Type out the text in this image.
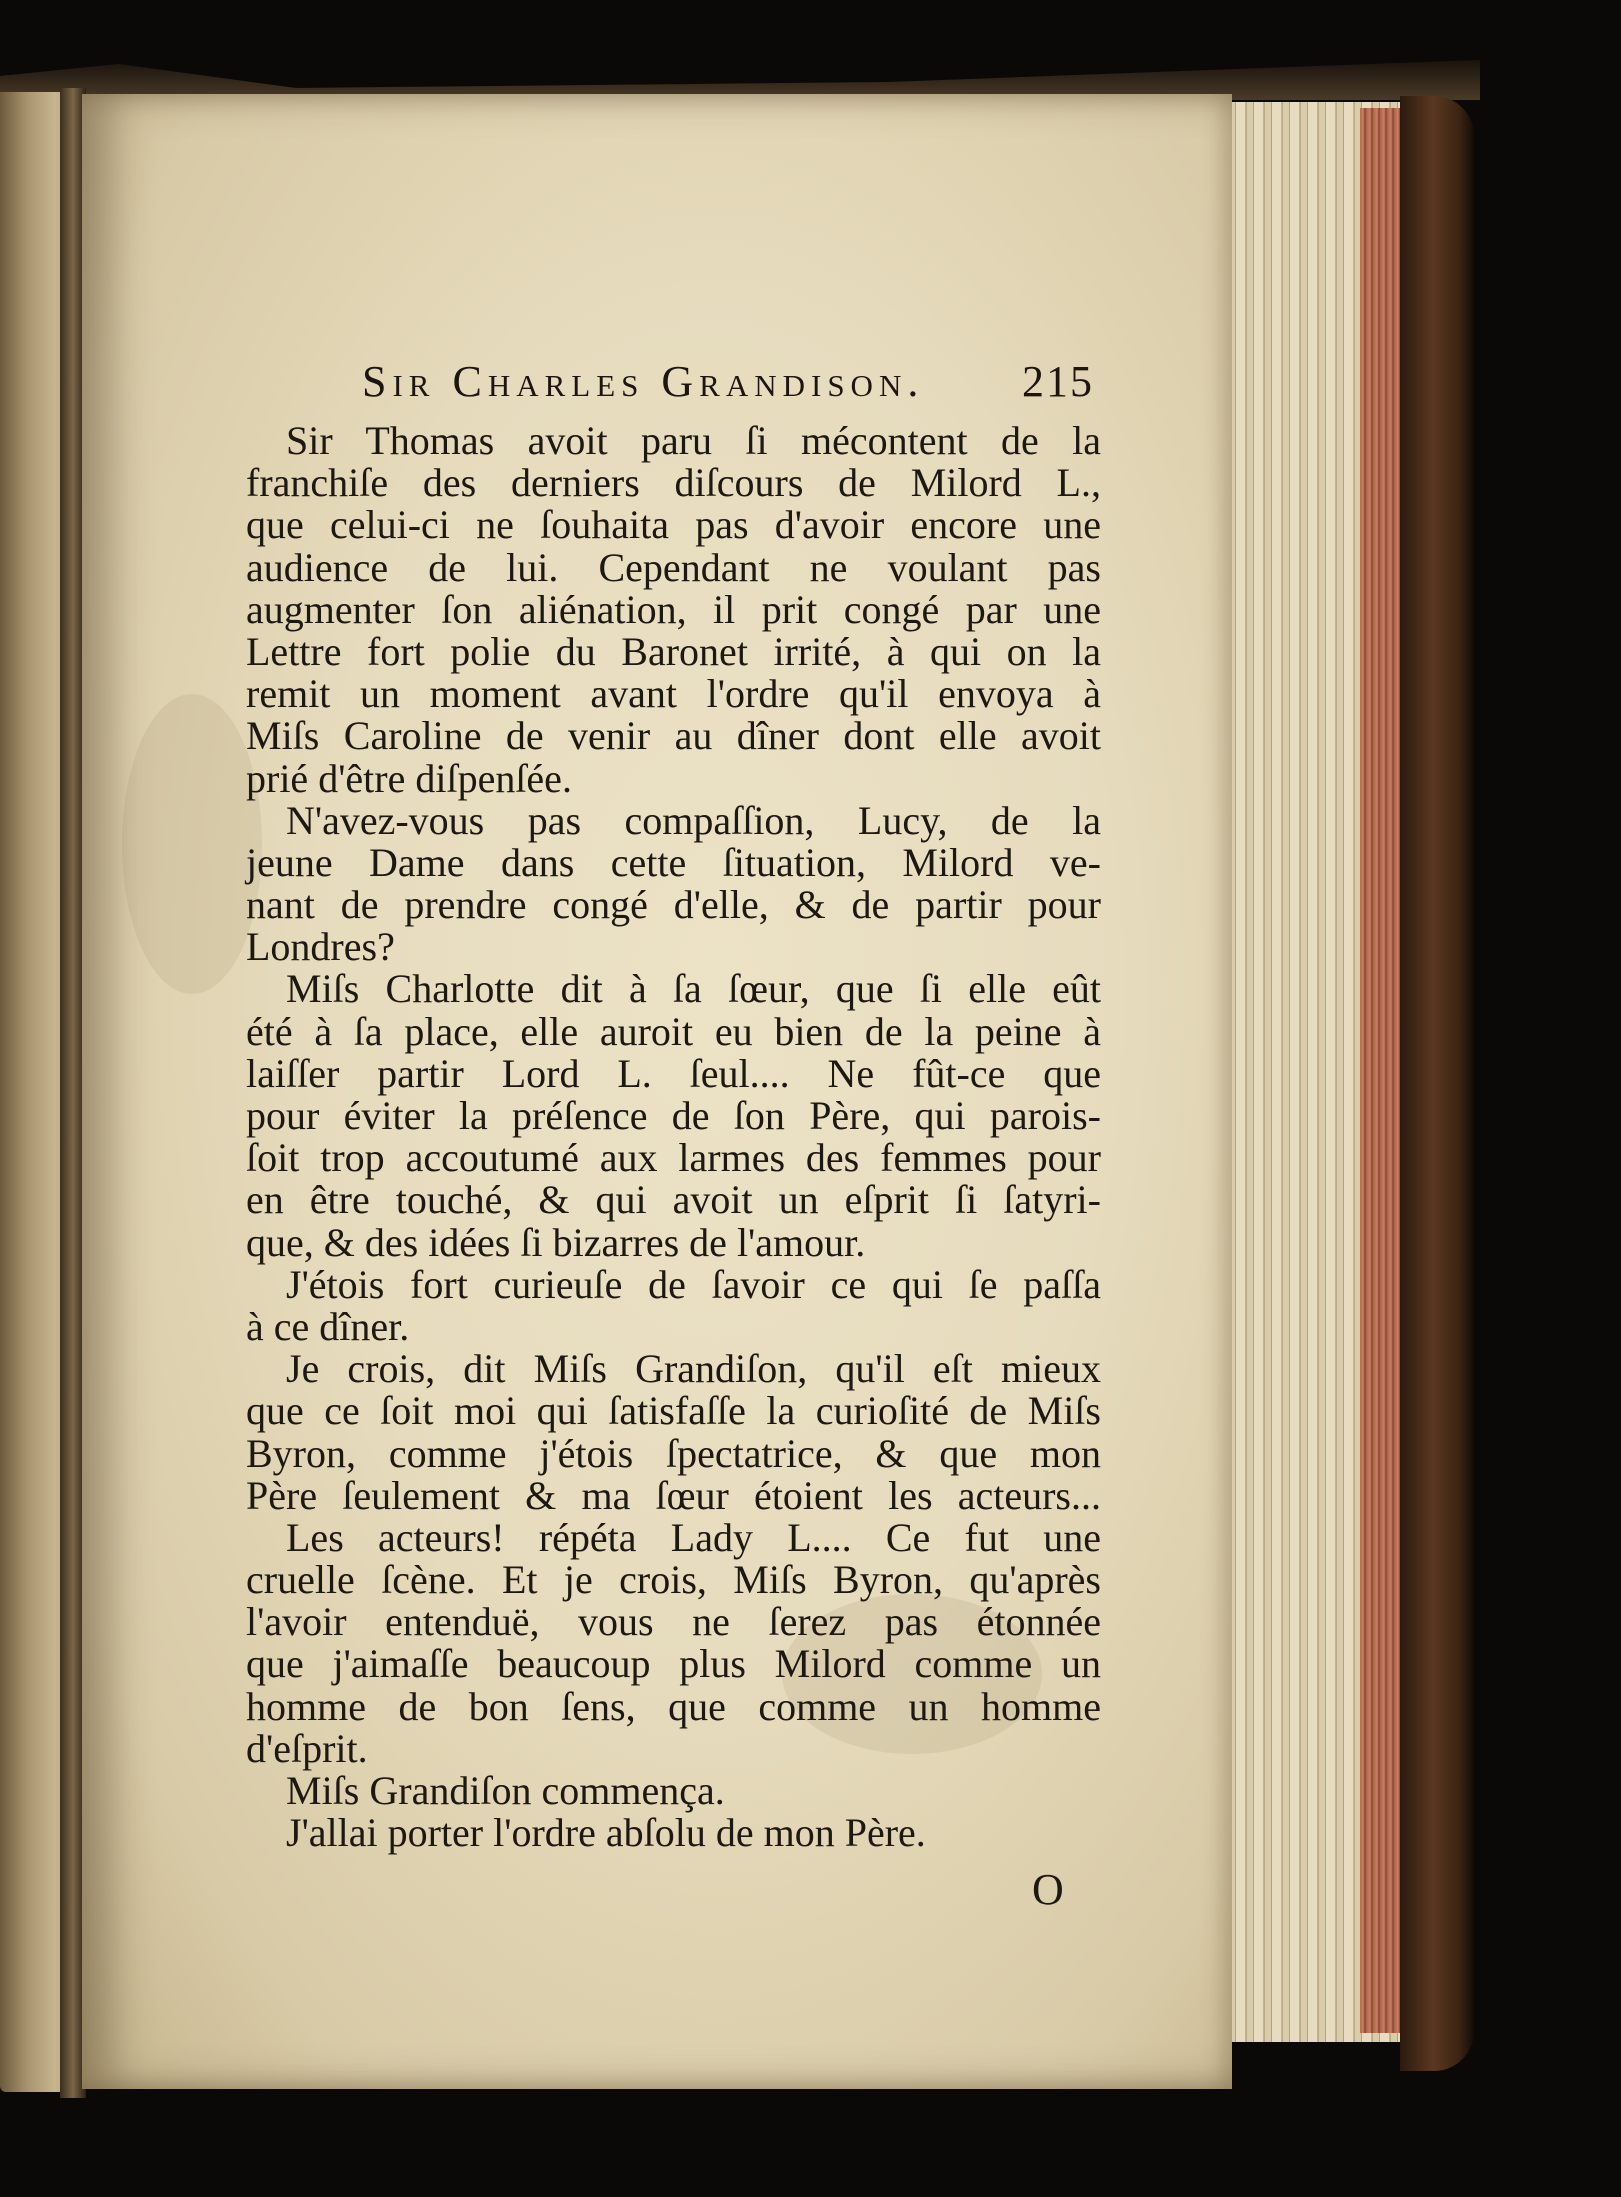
Sir Charles Grandison. 215
Sir Thomas avoit paru ſi mécontent de la
franchiſe des derniers diſcours de Milord L.,
que celui-ci ne ſouhaita pas d'avoir encore une
audience de lui. Cependant ne voulant pas
augmenter ſon aliénation, il prit congé par une
Lettre fort polie du Baronet irrité, à qui on la
remit un moment avant l'ordre qu'il envoya à
Miſs Caroline de venir au dîner dont elle avoit
prié d'être diſpenſée.
N'avez-vous pas compaſſion, Lucy, de la
jeune Dame dans cette ſituation, Milord ve-
nant de prendre congé d'elle, & de partir pour
Londres?
Miſs Charlotte dit à ſa ſœur, que ſi elle eût
été à ſa place, elle auroit eu bien de la peine à
laiſſer partir Lord L. ſeul.... Ne fût-ce que
pour éviter la préſence de ſon Père, qui parois-
ſoit trop accoutumé aux larmes des femmes pour
en être touché, & qui avoit un eſprit ſi ſatyri-
que, & des idées ſi bizarres de l'amour.
J'étois fort curieuſe de ſavoir ce qui ſe paſſa
à ce dîner.
Je crois, dit Miſs Grandiſon, qu'il eſt mieux
que ce ſoit moi qui ſatisfaſſe la curioſité de Miſs
Byron, comme j'étois ſpectatrice, & que mon
Père ſeulement & ma ſœur étoient les acteurs...
Les acteurs! répéta Lady L.... Ce fut une
cruelle ſcène. Et je crois, Miſs Byron, qu'après
l'avoir entenduë, vous ne ſerez pas étonnée
que j'aimaſſe beaucoup plus Milord comme un
homme de bon ſens, que comme un homme
d'eſprit.
Miſs Grandiſon commença.
J'allai porter l'ordre abſolu de mon Père.
O
